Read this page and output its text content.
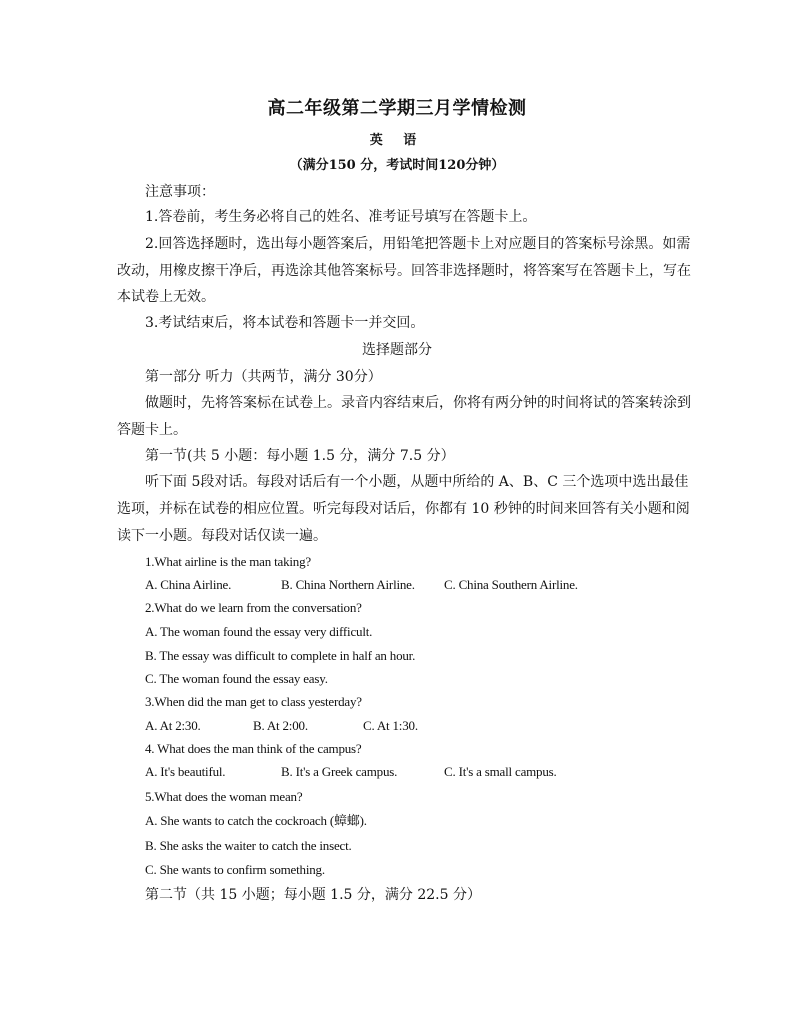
高二年级第二学期三月学情检测
英 语
（满分150 分，考试时间120分钟）
注意事项：
1.答卷前，考生务必将自己的姓名、准考证号填写在答题卡上。
2.回答选择题时，选出每小题答案后，用铅笔把答题卡上对应题目的答案标号涂黑。如需
改动，用橡皮擦干净后，再选涂其他答案标号。回答非选择题时，将答案写在答题卡上，写在
本试卷上无效。
3.考试结束后，将本试卷和答题卡一并交回。
选择题部分
第一部分 听力（共两节，满分 30分）
做题时，先将答案标在试卷上。录音内容结束后，你将有两分钟的时间将试的答案转涂到
答题卡上。
第一节(共 5 小题：每小题 1.5 分，满分 7.5 分）
听下面 5段对话。每段对话后有一个小题，从题中所给的 A、B、C 三个选项中选出最佳
选项，并标在试卷的相应位置。听完每段对话后，你都有 10 秒钟的时间来回答有关小题和阅
读下一小题。每段对话仅读一遍。
1.What airline is the man taking?
A. China Airline.	B. China Northern Airline. C. China Southern Airline.
2.What do we learn from the conversation?
A. The woman found the essay very difficult.
B. The essay was difficult to complete in half an hour.
C. The woman found the essay easy.
3.When did the man get to class yesterday?
A. At 2:30.	B. At 2:00.	C. At 1:30.
4. What does the man think of the campus?
A. It's beautiful.	B. It's a Greek campus.	C. It's a small campus.
5.What does the woman mean?
A. She wants to catch the cockroach (蟑螂).
B. She asks the waiter to catch the insect.
C. She wants to confirm something.
第二节（共 15 小题；每小题 1.5 分，满分 22.5 分）
